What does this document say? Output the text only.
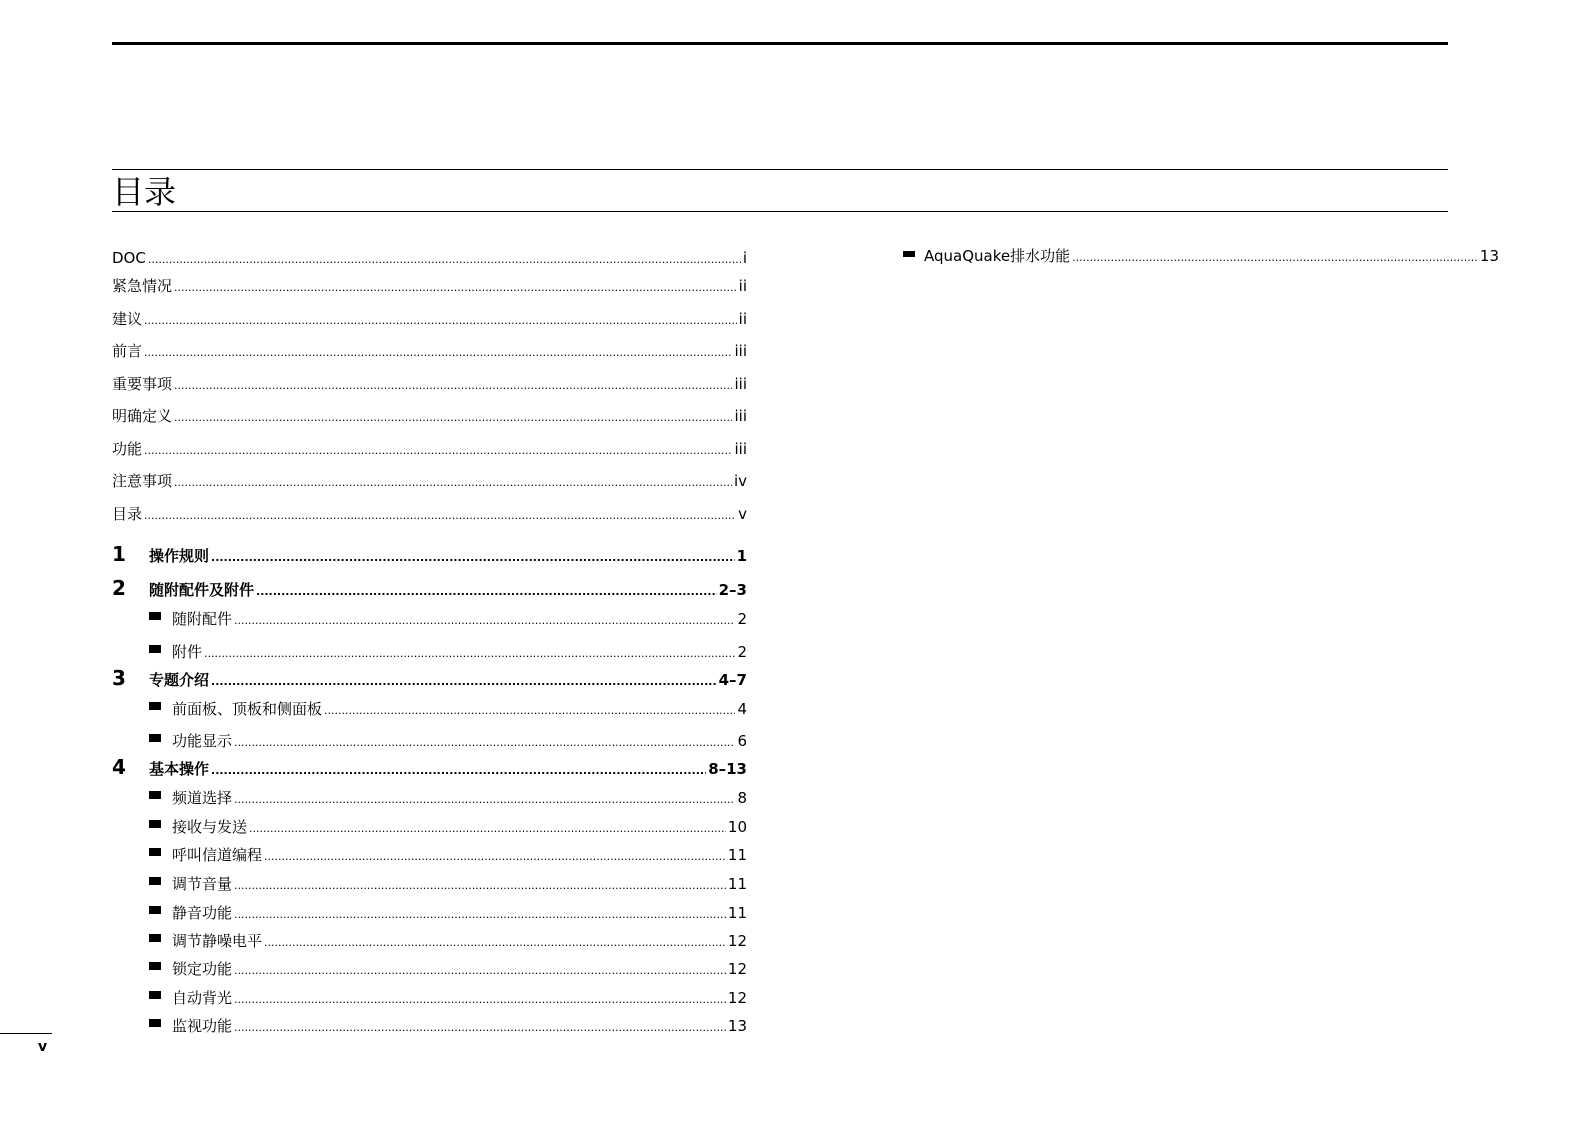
目录
DOC .....	i
紧急情况 .....	ii
建议 .....	ii
前言 .....	iii
重要事项 .....	iii
明确定义 .....	iii
功能 .....	iii
注意事项 .....	iv
目录 .....	v
1	操作规则 .....	1
2	随附配件及附件 .....	2–3
随附配件 .....	2
附件 .....	2
3	专题介绍 .....	4–7
前面板、顶板和侧面板 .....	4
功能显示 .....	6
4	基本操作 .....	8–13
频道选择 .....	8
接收与发送 .....	10
呼叫信道编程 .....	11
调节音量 .....	11
静音功能 .....	11
调节静噪电平 .....	12
锁定功能 .....	12
自动背光 .....	12
监视功能 .....	13
AquaQuake排水功能 .....	13
v
